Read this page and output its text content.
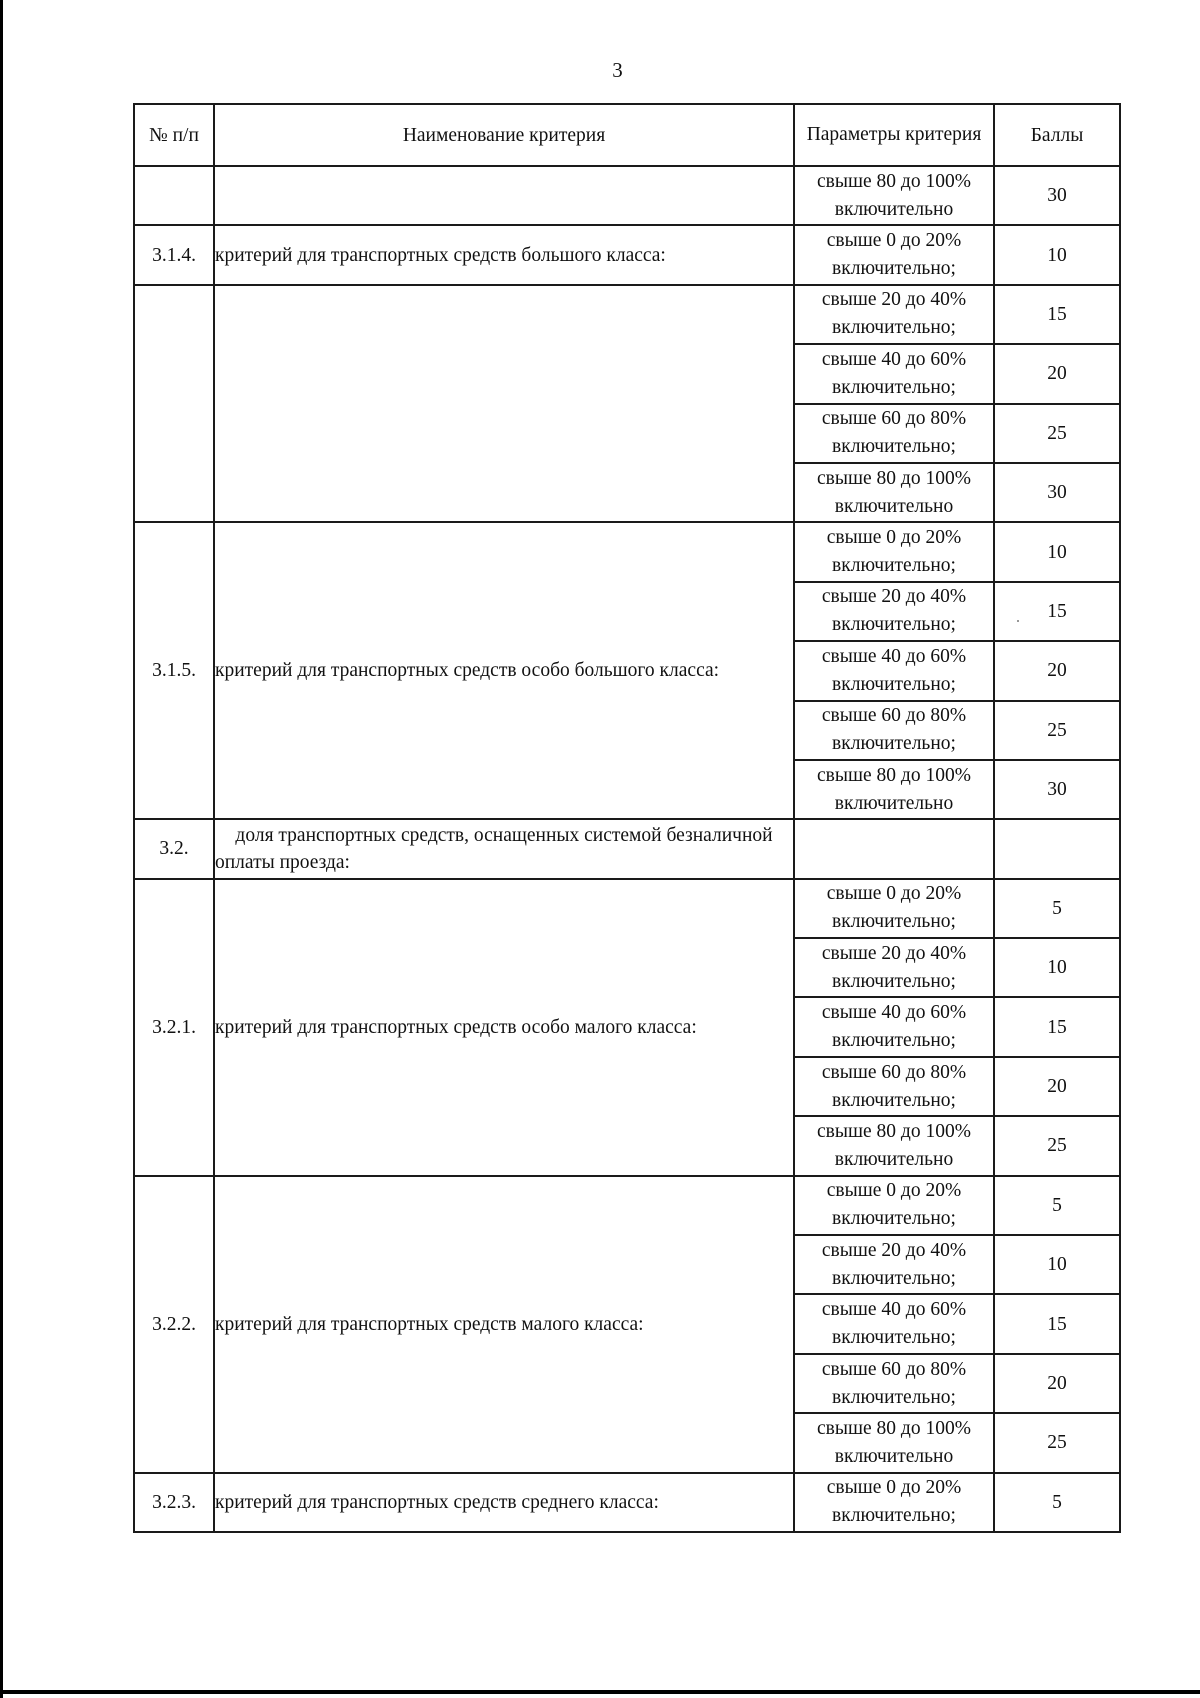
3
№ п/п	Наименование критерия	Параметры критерия	Баллы
		свыше 80 до 100% включительно	30
3.1.4.	критерий для транспортных средств большого класса:	свыше 0 до 20% включительно;	10
		свыше 20 до 40% включительно;	15
		свыше 40 до 60% включительно;	20
		свыше 60 до 80% включительно;	25
		свыше 80 до 100% включительно	30
3.1.5.	критерий для транспортных средств особо большого класса:	свыше 0 до 20% включительно;	10
		свыше 20 до 40% включительно;	15
		свыше 40 до 60% включительно;	20
		свыше 60 до 80% включительно;	25
		свыше 80 до 100% включительно	30
3.2.	доля транспортных средств, оснащенных системой безналичной оплаты проезда:		
3.2.1.	критерий для транспортных средств особо малого класса:	свыше 0 до 20% включительно;	5
		свыше 20 до 40% включительно;	10
		свыше 40 до 60% включительно;	15
		свыше 60 до 80% включительно;	20
		свыше 80 до 100% включительно	25
3.2.2.	критерий для транспортных средств малого класса:	свыше 0 до 20% включительно;	5
		свыше 20 до 40% включительно;	10
		свыше 40 до 60% включительно;	15
		свыше 60 до 80% включительно;	20
		свыше 80 до 100% включительно	25
3.2.3.	критерий для транспортных средств среднего класса:	свыше 0 до 20% включительно;	5
